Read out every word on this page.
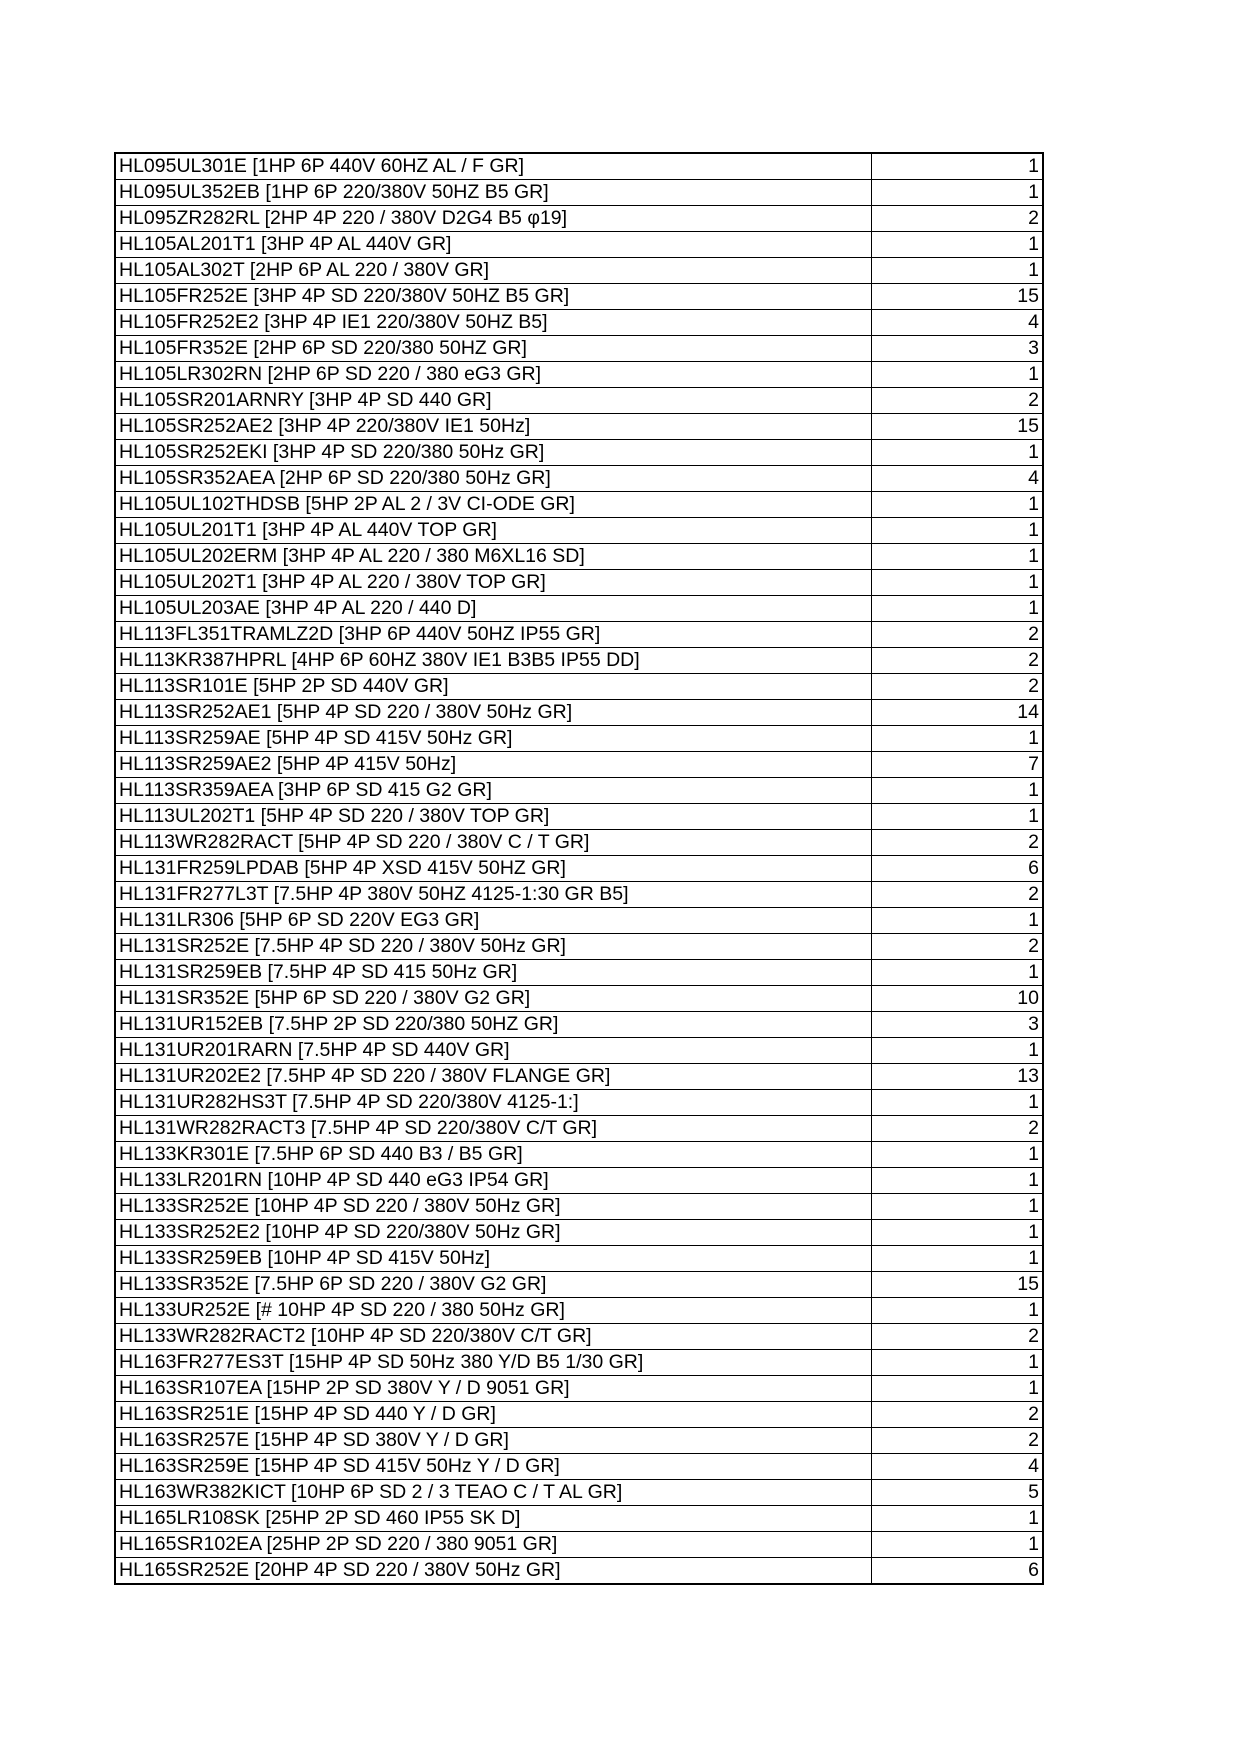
HL095UL301E [1HP 6P 440V 60HZ AL / F GR]	1
HL095UL352EB [1HP 6P 220/380V 50HZ B5 GR]	1
HL095ZR282RL [2HP 4P 220 / 380V D2G4 B5 φ19]	2
HL105AL201T1 [3HP 4P AL 440V GR]	1
HL105AL302T [2HP 6P AL 220 / 380V GR]	1
HL105FR252E [3HP 4P SD 220/380V 50HZ B5 GR]	15
HL105FR252E2 [3HP 4P IE1 220/380V 50HZ B5]	4
HL105FR352E [2HP 6P SD 220/380 50HZ GR]	3
HL105LR302RN [2HP 6P SD 220 / 380 eG3 GR]	1
HL105SR201ARNRY [3HP 4P SD 440 GR]	2
HL105SR252AE2 [3HP 4P 220/380V IE1 50Hz]	15
HL105SR252EKI [3HP 4P SD 220/380 50Hz GR]	1
HL105SR352AEA [2HP 6P SD 220/380 50Hz GR]	4
HL105UL102THDSB [5HP 2P AL 2 / 3V CI-ODE GR]	1
HL105UL201T1 [3HP 4P AL 440V TOP GR]	1
HL105UL202ERM [3HP 4P AL 220 / 380 M6XL16 SD]	1
HL105UL202T1 [3HP 4P AL 220 / 380V TOP GR]	1
HL105UL203AE [3HP 4P AL 220 / 440 D]	1
HL113FL351TRAMLZ2D [3HP 6P 440V 50HZ IP55 GR]	2
HL113KR387HPRL [4HP 6P 60HZ 380V IE1 B3B5 IP55 DD]	2
HL113SR101E [5HP 2P SD 440V GR]	2
HL113SR252AE1 [5HP 4P SD 220 / 380V 50Hz GR]	14
HL113SR259AE [5HP 4P SD 415V 50Hz GR]	1
HL113SR259AE2 [5HP 4P 415V 50Hz]	7
HL113SR359AEA [3HP 6P SD 415 G2 GR]	1
HL113UL202T1 [5HP 4P SD 220 / 380V TOP GR]	1
HL113WR282RACT [5HP 4P SD 220 / 380V C / T GR]	2
HL131FR259LPDAB [5HP 4P XSD 415V 50HZ GR]	6
HL131FR277L3T [7.5HP 4P 380V 50HZ 4125-1:30 GR B5]	2
HL131LR306 [5HP 6P SD 220V EG3 GR]	1
HL131SR252E [7.5HP 4P SD 220 / 380V 50Hz GR]	2
HL131SR259EB [7.5HP 4P SD 415 50Hz GR]	1
HL131SR352E [5HP 6P SD 220 / 380V G2 GR]	10
HL131UR152EB [7.5HP 2P SD 220/380 50HZ GR]	3
HL131UR201RARN [7.5HP 4P SD 440V GR]	1
HL131UR202E2 [7.5HP 4P SD 220 / 380V FLANGE GR]	13
HL131UR282HS3T [7.5HP 4P SD 220/380V 4125-1:]	1
HL131WR282RACT3 [7.5HP 4P SD 220/380V C/T GR]	2
HL133KR301E [7.5HP 6P SD 440 B3 / B5 GR]	1
HL133LR201RN [10HP 4P SD 440 eG3 IP54 GR]	1
HL133SR252E [10HP 4P SD 220 / 380V 50Hz GR]	1
HL133SR252E2 [10HP 4P SD 220/380V 50Hz GR]	1
HL133SR259EB [10HP 4P SD 415V 50Hz]	1
HL133SR352E [7.5HP 6P SD 220 / 380V G2 GR]	15
HL133UR252E [# 10HP 4P SD 220 / 380 50Hz GR]	1
HL133WR282RACT2 [10HP 4P SD 220/380V C/T GR]	2
HL163FR277ES3T [15HP 4P SD 50Hz 380 Y/D B5 1/30 GR]	1
HL163SR107EA [15HP 2P SD 380V Y / D 9051 GR]	1
HL163SR251E [15HP 4P SD 440 Y / D GR]	2
HL163SR257E [15HP 4P SD 380V Y / D GR]	2
HL163SR259E [15HP 4P SD 415V 50Hz Y / D GR]	4
HL163WR382KICT [10HP 6P SD 2 / 3 TEAO C / T AL GR]	5
HL165LR108SK [25HP 2P SD 460 IP55 SK D]	1
HL165SR102EA [25HP 2P SD 220 / 380 9051 GR]	1
HL165SR252E [20HP 4P SD 220 / 380V 50Hz GR]	6
